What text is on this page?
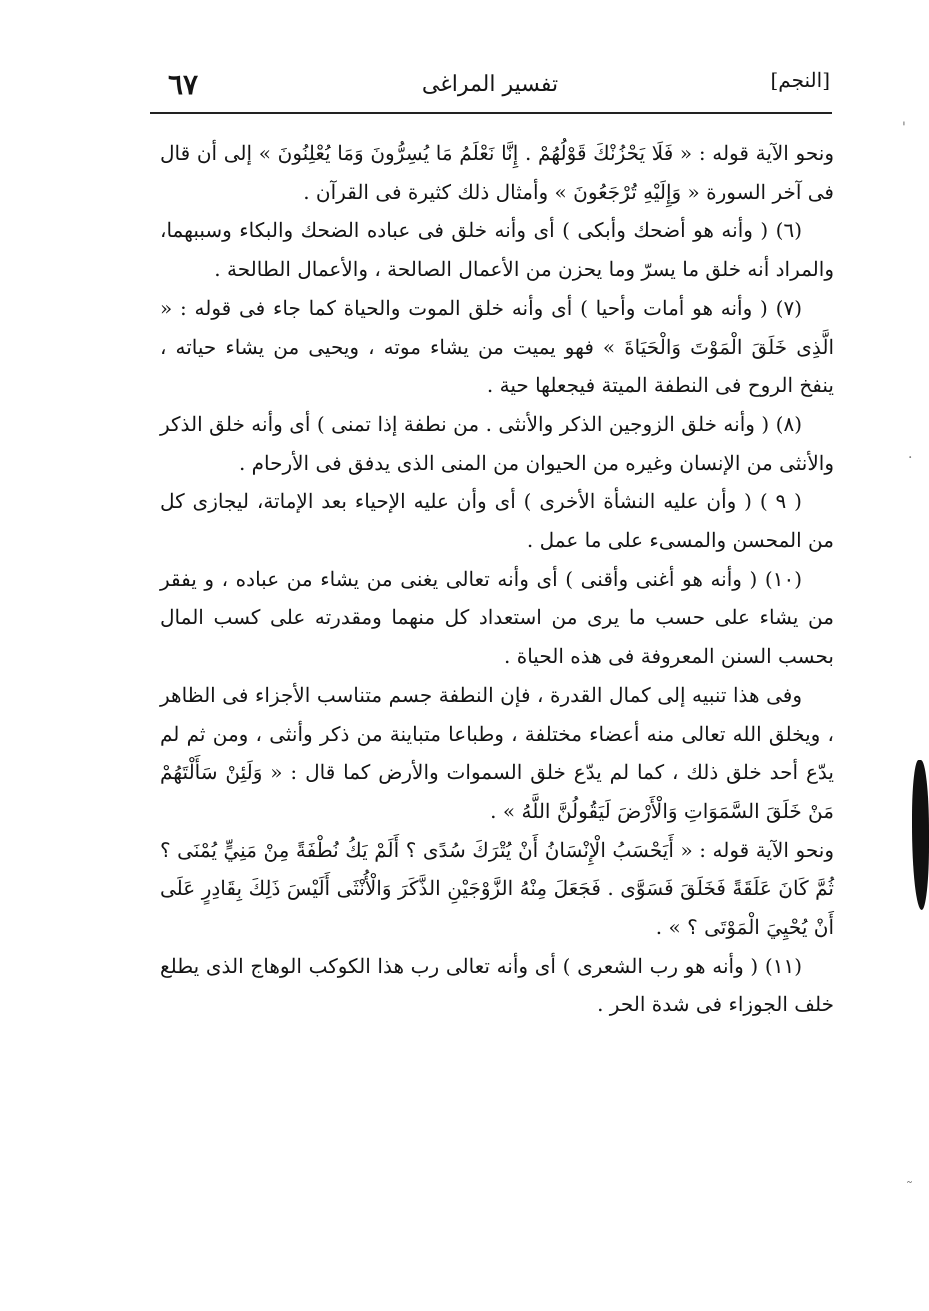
[النجم]
تفسير المراغى
٦٧

ونحو الآية قوله : « فَلَا يَحْزُنْكَ قَوْلُهُمْ . إِنَّا نَعْلَمُ مَا يُسِرُّونَ وَمَا يُعْلِنُونَ » إلى أن قال فى آخر السورة « وَإِلَيْهِ تُرْجَعُونَ » وأمثال ذلك كثيرة فى القرآن .

(٦) ( وأنه هو أضحك وأبكى ) أى وأنه خلق فى عباده الضحك والبكاء وسببهما، والمراد أنه خلق ما يسرّ وما يحزن من الأعمال الصالحة ، والأعمال الطالحة .

(٧) ( وأنه هو أمات وأحيا ) أى وأنه خلق الموت والحياة كما جاء فى قوله : « الَّذِى خَلَقَ الْمَوْتَ وَالْحَيَاةَ » فهو يميت من يشاء موته ، ويحيى من يشاء حياته ، ينفخ الروح فى النطفة الميتة فيجعلها حية .

(٨) ( وأنه خلق الزوجين الذكر والأنثى . من نطفة إذا تمنى ) أى وأنه خلق الذكر والأنثى من الإنسان وغيره من الحيوان من المنى الذى يدفق فى الأرحام .

( ٩ ) ( وأن عليه النشأة الأخرى ) أى وأن عليه الإحياء بعد الإماتة، ليجازى كل من المحسن والمسىء على ما عمل .

(١٠) ( وأنه هو أغنى وأقنى ) أى وأنه تعالى يغنى من يشاء من عباده ، و يفقر من يشاء على حسب ما يرى من استعداد كل منهما ومقدرته على كسب المال بحسب السنن المعروفة فى هذه الحياة .

وفى هذا تنبيه إلى كمال القدرة ، فإن النطفة جسم متناسب الأجزاء فى الظاهر ، ويخلق الله تعالى منه أعضاء مختلفة ، وطباعا متباينة من ذكر وأنثى ، ومن ثم لم يدّع أحد خلق ذلك ، كما لم يدّع خلق السموات والأرض كما قال : « وَلَئِنْ سَأَلْتَهُمْ مَنْ خَلَقَ السَّمَوَاتِ وَالْأَرْضَ لَيَقُولُنَّ اللَّهُ » .

ونحو الآية قوله : « أَيَحْسَبُ الْإِنْسَانُ أَنْ يُتْرَكَ سُدًى ؟ أَلَمْ يَكُ نُطْفَةً مِنْ مَنِيٍّ يُمْنَى ؟ ثُمَّ كَانَ عَلَقَةً فَخَلَقَ فَسَوَّى . فَجَعَلَ مِنْهُ الزَّوْجَيْنِ الذَّكَرَ وَالْأُنْثَى أَلَيْسَ ذَلِكَ بِقَادِرٍ عَلَى أَنْ يُحْيِيَ الْمَوْتَى ؟ » .

(١١) ( وأنه هو رب الشعرى ) أى وأنه تعالى رب هذا الكوكب الوهاج الذى يطلع خلف الجوزاء فى شدة الحر .

'
·
˜
